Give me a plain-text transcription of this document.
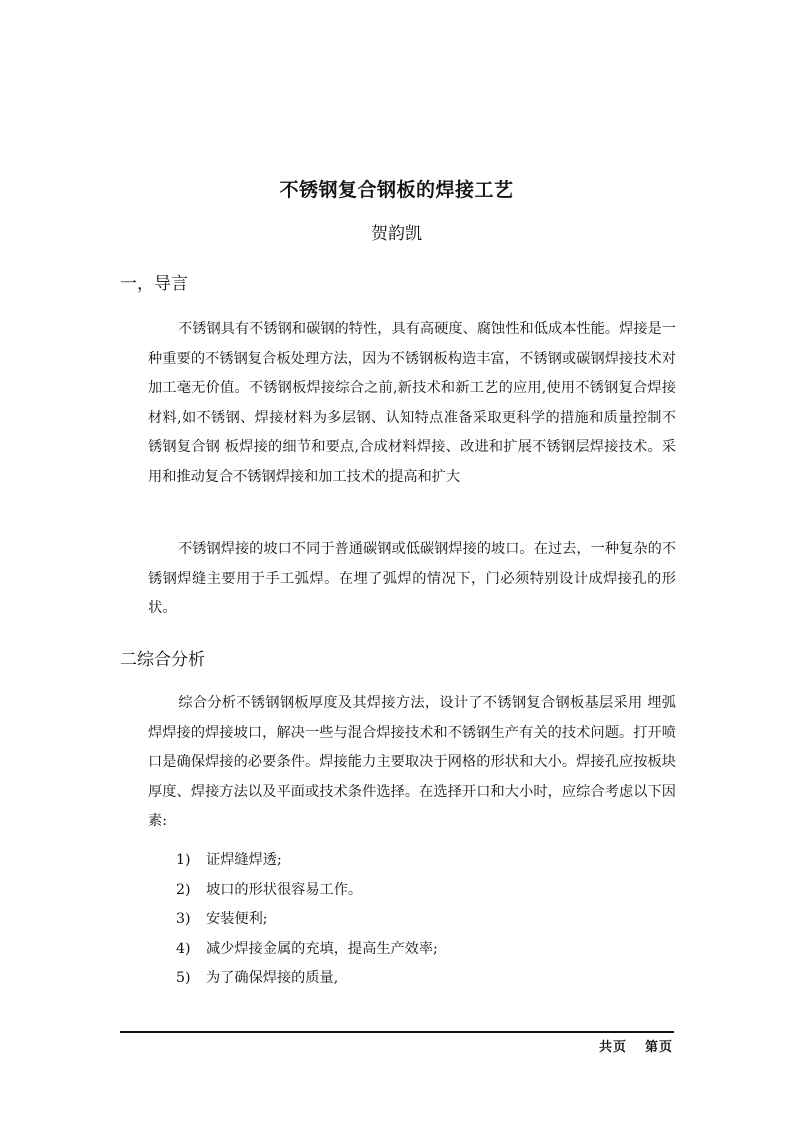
不锈钢复合钢板的焊接工艺
贺韵凯
一，导言

不锈钢具有不锈钢和碳钢的特性，具有高硬度、腐蚀性和低成本性能。焊接是一种重要的不锈钢复合板处理方法，因为不锈钢板构造丰富，不锈钢或碳钢焊接技术对加工毫无价值。不锈钢板焊接综合之前,新技术和新工艺的应用,使用不锈钢复合焊接材料,如不锈钢、焊接材料为多层钢、认知特点准备采取更科学的措施和质量控制不锈钢复合钢 板焊接的细节和要点,合成材料焊接、改进和扩展不锈钢层焊接技术。采用和推动复合不锈钢焊接和加工技术的提高和扩大

不锈钢焊接的坡口不同于普通碳钢或低碳钢焊接的坡口。在过去，一种复杂的不锈钢焊缝主要用于手工弧焊。在埋了弧焊的情况下，门必须特别设计成焊接孔的形状。

二综合分析

综合分析不锈钢钢板厚度及其焊接方法，设计了不锈钢复合钢板基层采用 埋弧焊焊接的焊接坡口，解决一些与混合焊接技术和不锈钢生产有关的技术问题。打开喷口是确保焊接的必要条件。焊接能力主要取决于网格的形状和大小。焊接孔应按板块厚度、焊接方法以及平面或技术条件选择。在选择开口和大小时，应综合考虑以下因素:

1) 证焊缝焊透;
2) 坡口的形状很容易工作。
3) 安装便利;
4) 减少焊接金属的充填，提高生产效率;
5) 为了确保焊接的质量,
共页 第页
